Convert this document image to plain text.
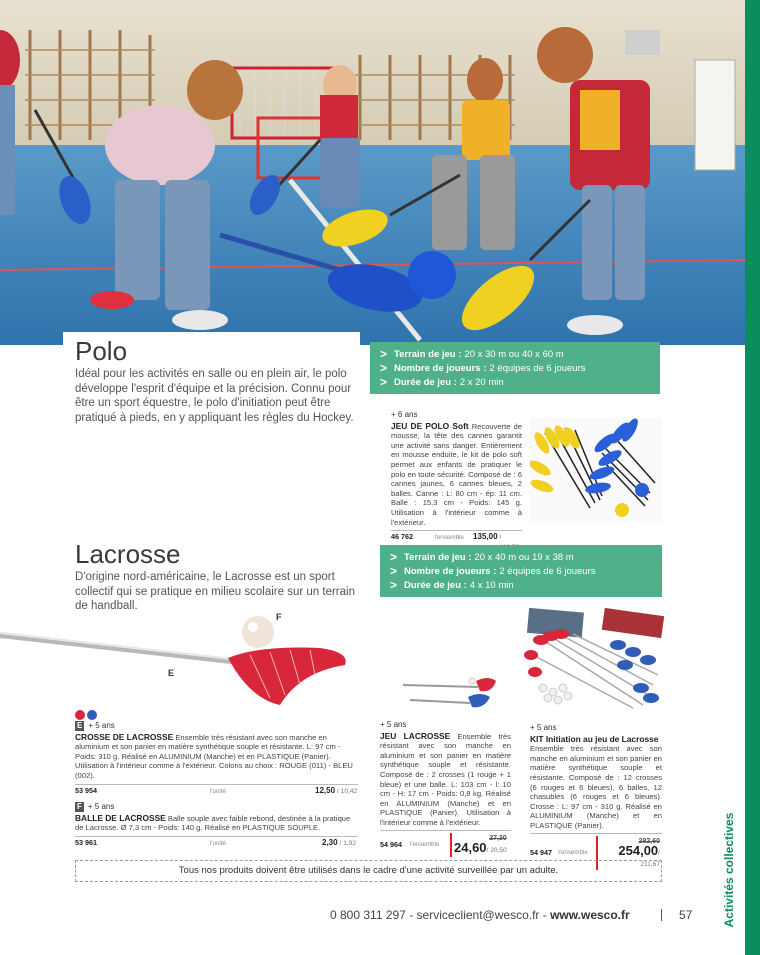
Activités collectives
Polo

Idéal pour les activités en salle ou en plein air, le polo développe l'esprit d'équipe et la précision. Connu pour être un sport équestre, le polo d'initiation peut être pratiqué à pieds, en y appliquant les règles du Hockey.

> Terrain de jeu : 20 x 30 m ou 40 x 60 m
> Nombre de joueurs : 2 équipes de 6 joueurs
> Durée de jeu : 2 x 20 min
+ 6 ans
JEU DE POLO Soft Recouverte de mousse, la tête des cannes garantit une activité sans danger. Entièrement en mousse enduite, le kit de polo soft permet aux enfants de pratiquer le polo en toute sécurité. Composé de : 6 cannes jaunes, 6 cannes bleues, 2 balles. Canne : L: 80 cm - ép: 11 cm. Balle : 15,3 cm - Poids: 145 g. Utilisation à l'intérieur comme à l'extérieur.
46 762	l'ensemble	135,00
/
Lacrosse

D'origine nord-américaine, le Lacrosse est un sport collectif qui se pratique en milieu scolaire sur un terrain de handball.

> Terrain de jeu : 20 x 40 m ou 19 x 38 m
> Nombre de joueurs : 2 équipes de 6 joueurs
> Durée de jeu : 4 x 10 min
F
E
E + 5 ans
CROSSE DE LACROSSE Ensemble très résistant avec son manche en aluminium et son panier en matière synthétique souple et résistante. L: 97 cm - Poids: 310 g. Réalisé en ALUMINIUM (Manche) et en PLASTIQUE (Panier). Utilisation à l'intérieur comme à l'extérieur. Coloris au choix : ROUGE (011) - BLEU (002).
53 954	l'unité	12,50
/ 10,42
F + 5 ans
BALLE DE LACROSSE Balle souple avec faible rebond, destinée à la pratique de Lacrosse. Ø 7,3 cm - Poids: 140 g. Réalisé en PLASTIQUE SOUPLE.
53 961	l'unité	2,30
/ 1,92
+ 5 ans
JEU LACROSSE Ensemble très résistant avec son manche en aluminium et son panier en matière synthétique souple et résistante. Composé de : 2 crosses (1 rouge + 1 bleue) et une balle. L: 103 cm - l: 10 cm - H: 17 cm - Poids: 0,8 kg. Réalisé en ALUMINIUM (Manche) et en PLASTIQUE (Panier). Utilisation à l'intérieur comme à l'extérieur.
54 964	l'ensemble
27,30
24,60/ 20,50
+ 5 ans
KIT Initiation au jeu de Lacrosse
Ensemble très résistant avec son manche en aluminium et son panier en matière synthétique souple et résistante. Composé de : 12 crosses (6 rouges et 6 bleues), 6 balles, 12 chasubles (6 rouges et 6 bleues). Crosse : L: 97 cm - 310 g. Réalisé en ALUMINIUM (Manche) et en PLASTIQUE (Panier).
54 947	l'ensemble
282,60
254,00/ 211,67
Tous nos produits doivent être utilisés dans le cadre d'une activité surveillée par un adulte.
0 800 311 297 - serviceclient@wesco.fr - www.wesco.fr	57
